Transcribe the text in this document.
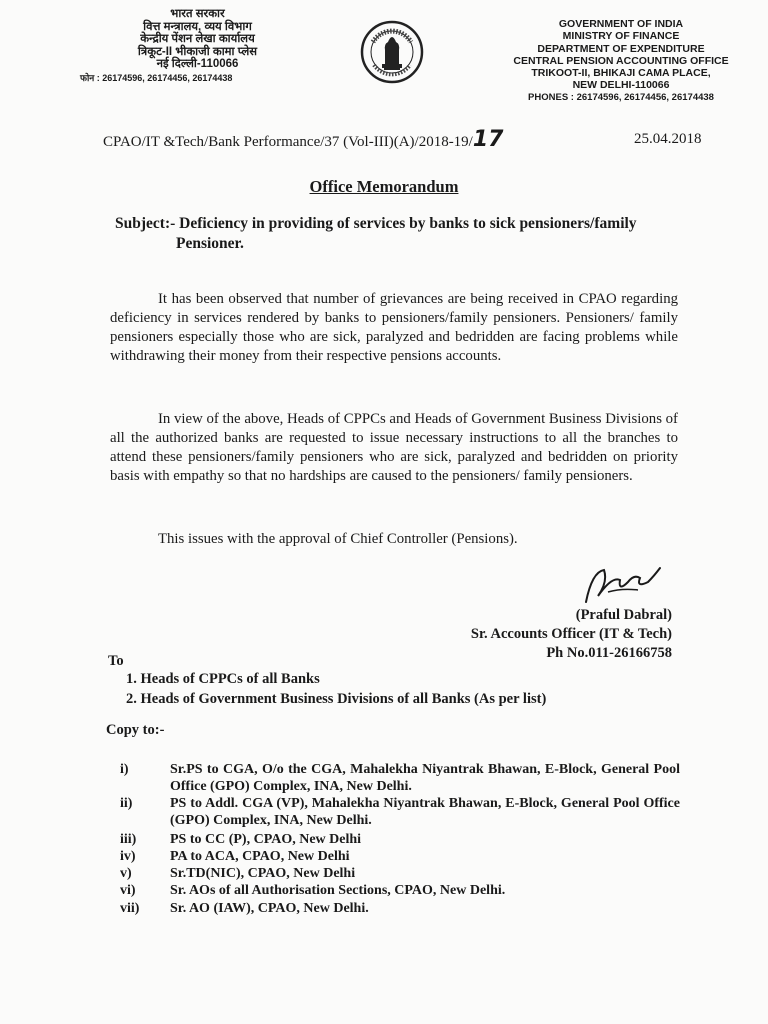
भारत सरकार
वित्त मन्त्रालय, व्यय विभाग
केन्द्रीय पेंशन लेखा कार्यालय
त्रिकूट-II भीकाजी कामा प्लेस
नई दिल्ली-110066
फोन : 26174596, 26174456, 26174438
GOVERNMENT OF INDIA
MINISTRY OF FINANCE
DEPARTMENT OF EXPENDITURE
CENTRAL PENSION ACCOUNTING OFFICE
TRIKOOT-II, BHIKAJI CAMA PLACE,
NEW DELHI-110066
PHONES : 26174596, 26174456, 26174438
CPAO/IT &Tech/Bank Performance/37 (Vol-III)(A)/2018-19/17	25.04.2018
Office Memorandum
Subject:- Deficiency in providing of services by banks to sick pensioners/family
Pensioner.
It has been observed that number of grievances are being received in CPAO regarding deficiency in services rendered by banks to pensioners/family pensioners. Pensioners/ family pensioners especially those who are sick, paralyzed and bedridden are facing problems while withdrawing their money from their respective pensions accounts.
In view of the above, Heads of CPPCs and Heads of Government Business Divisions of all the authorized banks are requested to issue necessary instructions to all the branches to attend these pensioners/family pensioners who are sick, paralyzed and bedridden on priority basis with empathy so that no hardships are caused to the pensioners/ family pensioners.
This issues with the approval of Chief Controller (Pensions).
(Praful Dabral)
Sr. Accounts Officer (IT & Tech)
Ph No.011-26166758
To
1. Heads of CPPCs of all Banks
2. Heads of Government Business Divisions of all Banks (As per list)
Copy to:-
i)	Sr.PS to CGA, O/o the CGA, Mahalekha Niyantrak Bhawan, E-Block, General Pool Office (GPO) Complex, INA, New Delhi.
ii)	PS to Addl. CGA (VP), Mahalekha Niyantrak Bhawan, E-Block, General Pool Office (GPO) Complex, INA, New Delhi.
iii)	PS to CC (P), CPAO, New Delhi
iv)	PA to ACA, CPAO, New Delhi
v)	Sr.TD(NIC), CPAO, New Delhi
vi)	Sr. AOs of all Authorisation Sections, CPAO, New Delhi.
vii)	Sr. AO (IAW), CPAO, New Delhi.
